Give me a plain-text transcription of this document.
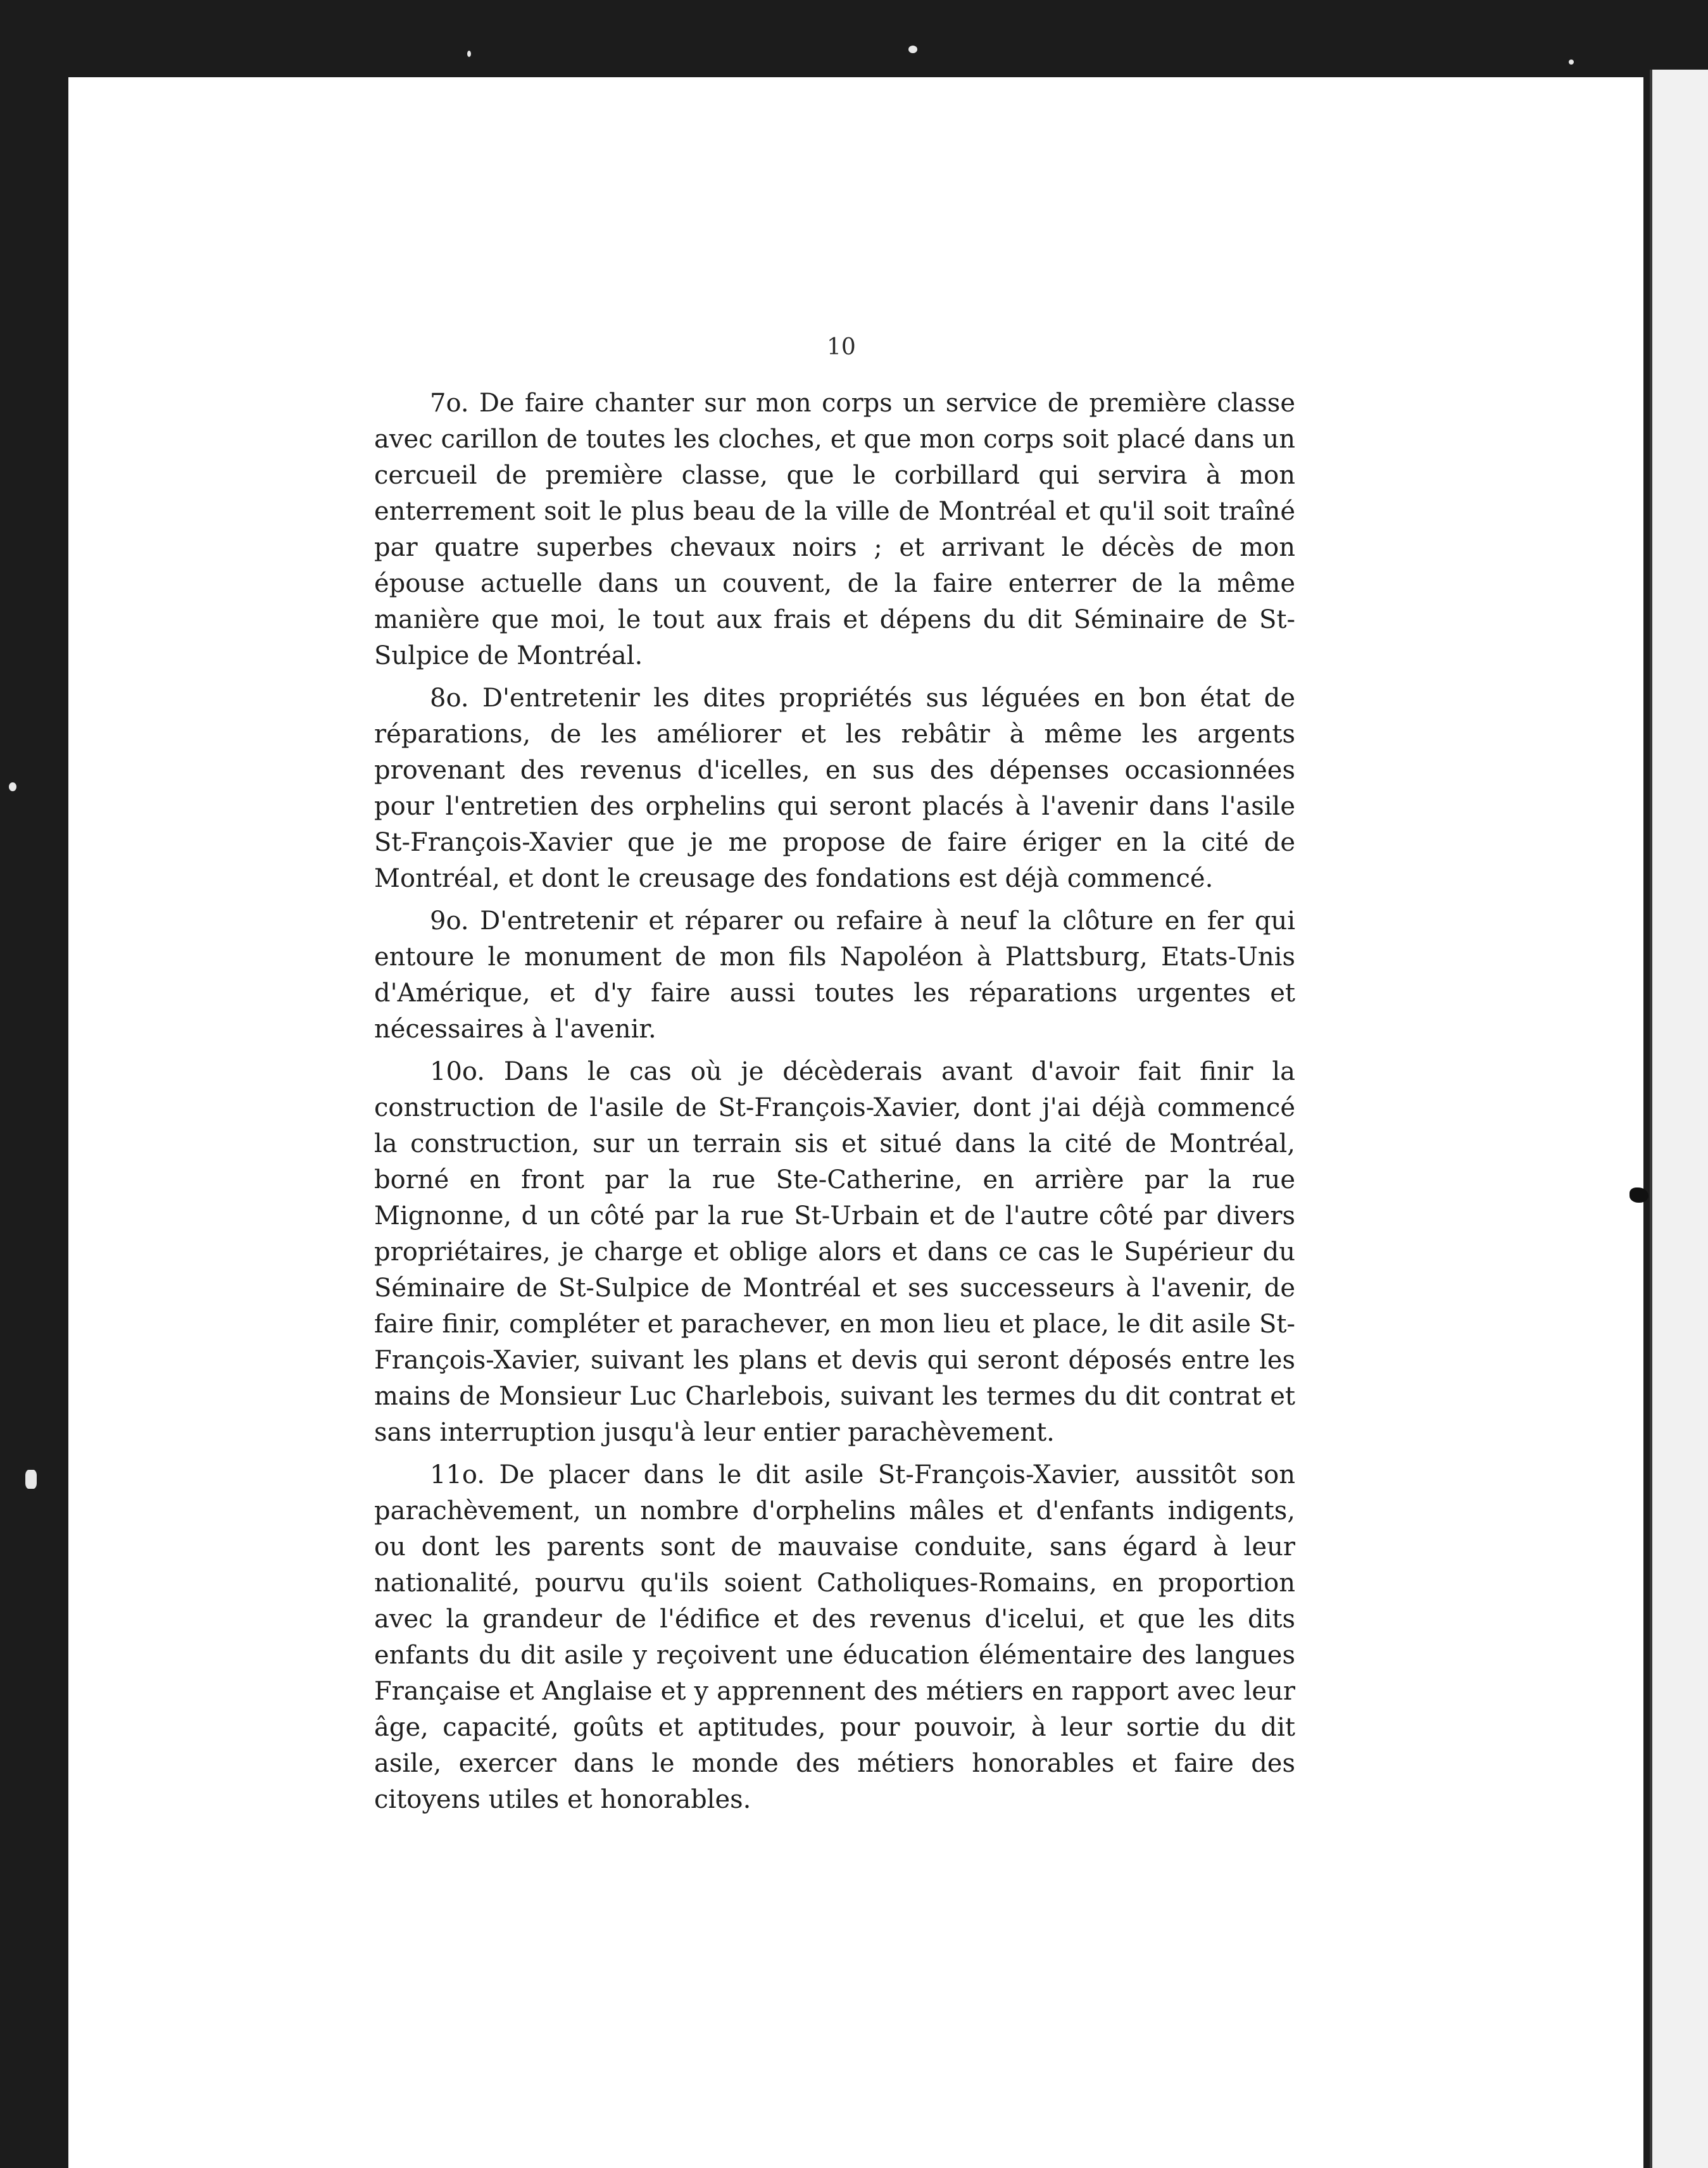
10

7o. De faire chanter sur mon corps un service de première classe avec carillon de toutes les cloches, et que mon corps soit placé dans un cercueil de première classe, que le corbillard qui servira à mon enterrement soit le plus beau de la ville de Montréal et qu'il soit traîné par quatre superbes chevaux noirs ; et arrivant le décès de mon épouse actuelle dans un couvent, de la faire enterrer de la même manière que moi, le tout aux frais et dépens du dit Séminaire de St-Sulpice de Montréal.

8o. D'entretenir les dites propriétés sus léguées en bon état de réparations, de les améliorer et les rebâtir à même les argents provenant des revenus d'icelles, en sus des dépenses occasionnées pour l'entretien des orphelins qui seront placés à l'avenir dans l'asile St-François-Xavier que je me propose de faire ériger en la cité de Montréal, et dont le creusage des fondations est déjà commencé.

9o. D'entretenir et réparer ou refaire à neuf la clôture en fer qui entoure le monument de mon fils Napoléon à Plattsburg, Etats-Unis d'Amérique, et d'y faire aussi toutes les réparations urgentes et nécessaires à l'avenir.

10o. Dans le cas où je décèderais avant d'avoir fait finir la construction de l'asile de St-François-Xavier, dont j'ai déjà commencé la construction, sur un terrain sis et situé dans la cité de Montréal, borné en front par la rue Ste-Catherine, en arrière par la rue Mignonne, d un côté par la rue St-Urbain et de l'autre côté par divers propriétaires, je charge et oblige alors et dans ce cas le Supérieur du Séminaire de St-Sulpice de Montréal et ses successeurs à l'avenir, de faire finir, compléter et parachever, en mon lieu et place, le dit asile St-François-Xavier, suivant les plans et devis qui seront déposés entre les mains de Monsieur Luc Charlebois, suivant les termes du dit contrat et sans interruption jusqu'à leur entier parachèvement.

11o. De placer dans le dit asile St-François-Xavier, aussitôt son parachèvement, un nombre d'orphelins mâles et d'enfants indigents, ou dont les parents sont de mauvaise conduite, sans égard à leur nationalité, pourvu qu'ils soient Catholiques-Romains, en proportion avec la grandeur de l'édifice et des revenus d'icelui, et que les dits enfants du dit asile y reçoivent une éducation élémentaire des langues Française et Anglaise et y apprennent des métiers en rapport avec leur âge, capacité, goûts et aptitudes, pour pouvoir, à leur sortie du dit asile, exercer dans le monde des métiers honorables et faire des citoyens utiles et honorables.
